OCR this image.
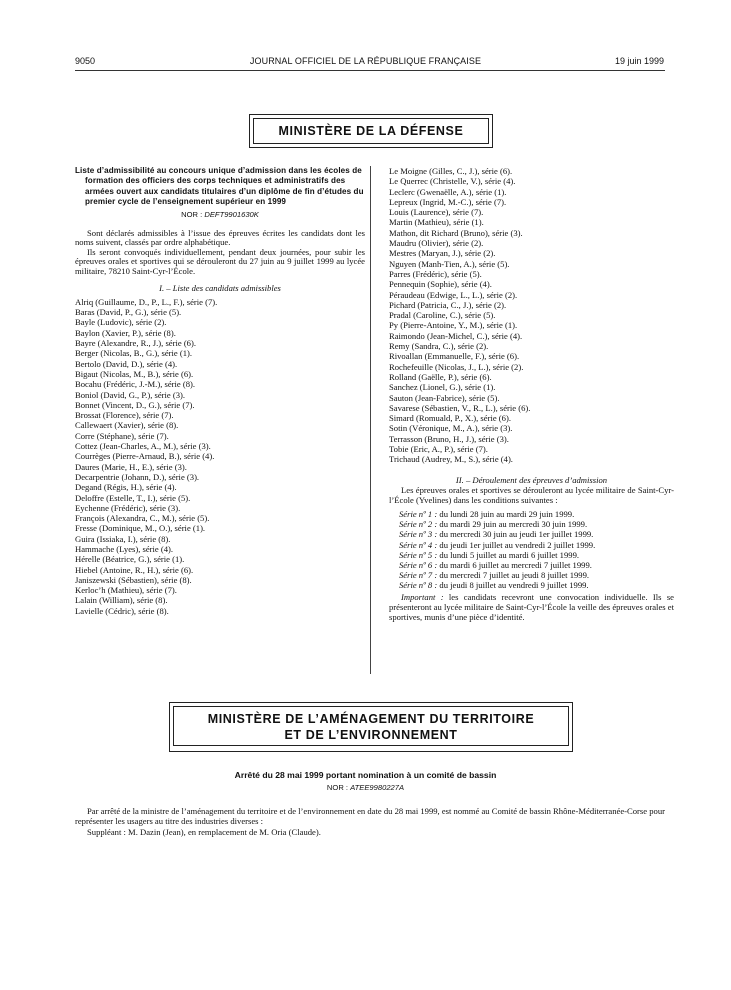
9050	JOURNAL OFFICIEL DE LA RÉPUBLIQUE FRANÇAISE	19 juin 1999
MINISTÈRE DE LA DÉFENSE
Liste d’admissibilité au concours unique d’admission dans les écoles de formation des officiers des corps techniques et administratifs des armées ouvert aux candidats titulaires d’un diplôme de fin d’études du premier cycle de l’enseignement supérieur en 1999
NOR : DEFT9901630K
Sont déclarés admissibles à l’issue des épreuves écrites les candidats dont les noms suivent, classés par ordre alphabétique.
Ils seront convoqués individuellement, pendant deux journées, pour subir les épreuves orales et sportives qui se dérouleront du 27 juin au 9 juillet 1999 au lycée militaire, 78210 Saint-Cyr-l’École.
I. – Liste des candidats admissibles
Alriq (Guillaume, D., P., L., F.), série (7).
Baras (David, P., G.), série (5).
Bayle (Ludovic), série (2).
Baylon (Xavier, P.), série (8).
Bayre (Alexandre, R., J.), série (6).
Berger (Nicolas, B., G.), série (1).
Bertolo (David, D.), série (4).
Bigaut (Nicolas, M., B.), série (6).
Bocahu (Frédéric, J.-M.), série (8).
Boniol (David, G., P.), série (3).
Bonnet (Vincent, D., G.), série (7).
Brossat (Florence), série (7).
Callewaert (Xavier), série (8).
Corre (Stéphane), série (7).
Cottez (Jean-Charles, A., M.), série (3).
Courrèges (Pierre-Arnaud, B.), série (4).
Daures (Marie, H., E.), série (3).
Decarpentrie (Johann, D.), série (3).
Degand (Régis, H.), série (4).
Deloffre (Estelle, T., I.), série (5).
Eychenne (Frédéric), série (3).
François (Alexandra, C., M.), série (5).
Fresse (Dominique, M., O.), série (1).
Guira (Issiaka, I.), série (8).
Hammache (Lyes), série (4).
Hérelle (Béatrice, G.), série (1).
Hiebel (Antoine, R., H.), série (6).
Janiszewski (Sébastien), série (8).
Kerloc’h (Mathieu), série (7).
Lalain (William), série (8).
Lavielle (Cédric), série (8).
Le Moigne (Gilles, C., J.), série (6).
Le Querrec (Christelle, V.), série (4).
Leclerc (Gwenaëlle, A.), série (1).
Lepreux (Ingrid, M.-C.), série (7).
Louis (Laurence), série (7).
Martin (Mathieu), série (1).
Mathon, dit Richard (Bruno), série (3).
Maudru (Olivier), série (2).
Mestres (Maryan, J.), série (2).
Nguyen (Manh-Tien, A.), série (5).
Parres (Frédéric), série (5).
Pennequin (Sophie), série (4).
Péraudeau (Edwige, L., L.), série (2).
Pichard (Patricia, C., J.), série (2).
Pradal (Caroline, C.), série (5).
Py (Pierre-Antoine, Y., M.), série (1).
Raimondo (Jean-Michel, C.), série (4).
Remy (Sandra, C.), série (2).
Rivoallan (Emmanuelle, F.), série (6).
Rochefeuille (Nicolas, J., L.), série (2).
Rolland (Gaëlle, P.), série (6).
Sanchez (Lionel, G.), série (1).
Sauton (Jean-Fabrice), série (5).
Savarese (Sébastien, V., R., L.), série (6).
Simard (Romuald, P., X.), série (6).
Sotin (Véronique, M., A.), série (3).
Terrasson (Bruno, H., J.), série (3).
Tobie (Eric, A., P.), série (7).
Trichaud (Audrey, M., S.), série (4).
II. – Déroulement des épreuves d’admission
Les épreuves orales et sportives se dérouleront au lycée militaire de Saint-Cyr-l’École (Yvelines) dans les conditions suivantes :
Série nº 1 : du lundi 28 juin au mardi 29 juin 1999.
Série nº 2 : du mardi 29 juin au mercredi 30 juin 1999.
Série nº 3 : du mercredi 30 juin au jeudi 1er juillet 1999.
Série nº 4 : du jeudi 1er juillet au vendredi 2 juillet 1999.
Série nº 5 : du lundi 5 juillet au mardi 6 juillet 1999.
Série nº 6 : du mardi 6 juillet au mercredi 7 juillet 1999.
Série nº 7 : du mercredi 7 juillet au jeudi 8 juillet 1999.
Série nº 8 : du jeudi 8 juillet au vendredi 9 juillet 1999.
Important : les candidats recevront une convocation individuelle. Ils se présenteront au lycée militaire de Saint-Cyr-l’École la veille des épreuves orales et sportives, munis d’une pièce d’identité.
MINISTÈRE DE L’AMÉNAGEMENT DU TERRITOIRE
ET DE L’ENVIRONNEMENT
Arrêté du 28 mai 1999 portant nomination à un comité de bassin
NOR : ATEE9980227A

Par arrêté de la ministre de l’aménagement du territoire et de l’environnement en date du 28 mai 1999, est nommé au Comité de bassin Rhône-Méditerranée-Corse pour représenter les usagers au titre des industries diverses :

Suppléant : M. Dazin (Jean), en remplacement de M. Oria (Claude).
